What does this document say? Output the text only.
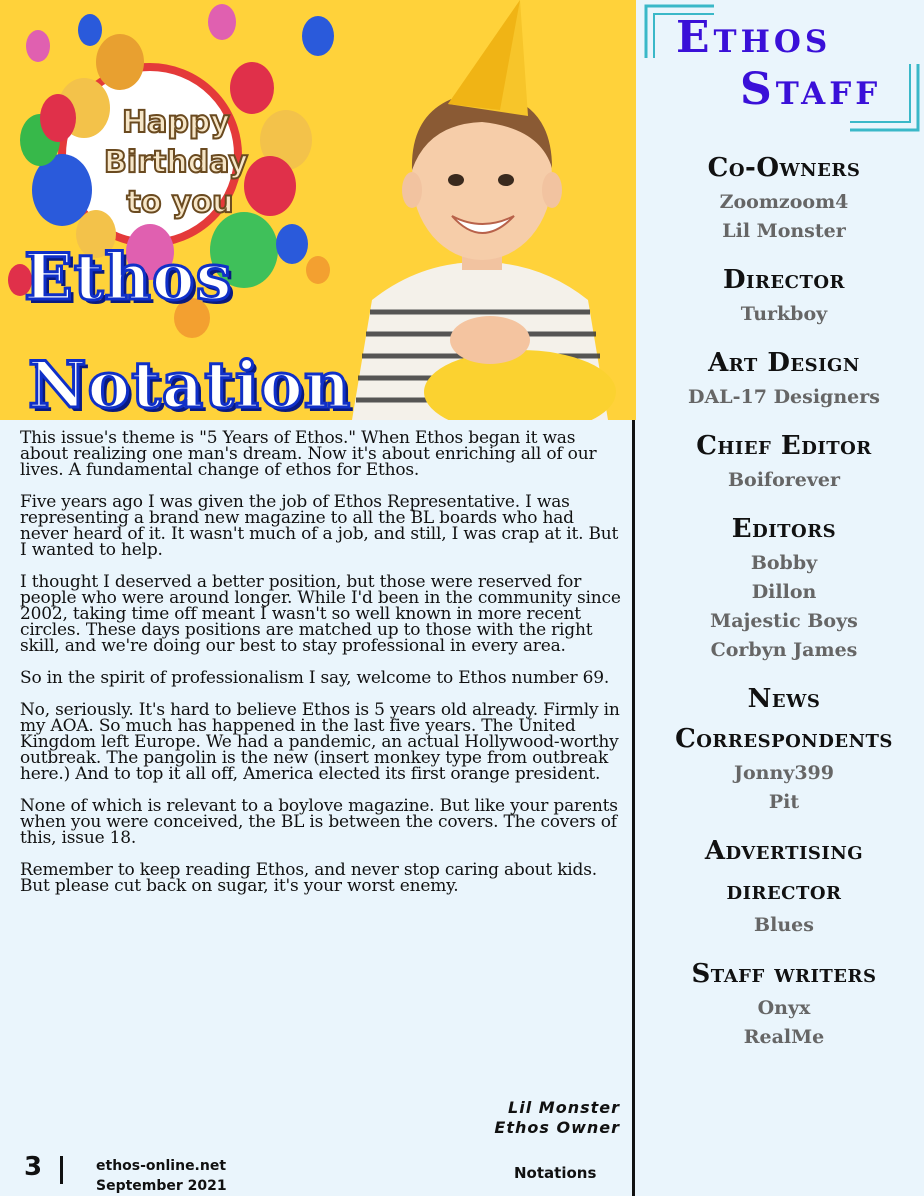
Happy
Birthday
to you
Ethos
Notation

This issue's theme is "5 Years of Ethos." When Ethos began it was about realizing one man's dream. Now it's about enriching all of our lives. A fundamental change of ethos for Ethos.

Five years ago I was given the job of Ethos Representative. I was representing a brand new magazine to all the BL boards who had never heard of it. It wasn't much of a job, and still, I was crap at it. But I wanted to help.

I thought I deserved a better position, but those were reserved for people who were around longer. While I'd been in the community since 2002, taking time off meant I wasn't so well known in more recent circles. These days positions are matched up to those with the right skill, and we're doing our best to stay professional in every area.

So in the spirit of professionalism I say, welcome to Ethos number 69.

No, seriously. It's hard to believe Ethos is 5 years old already. Firmly in my AOA. So much has happened in the last five years. The United Kingdom left Europe. We had a pandemic, an actual Hollywood-worthy outbreak. The pangolin is the new (insert monkey type from outbreak here.) And to top it all off, America elected its first orange president.

None of which is relevant to a boylove magazine. But like your parents when you were conceived, the BL is between the covers. The covers of this, issue 18.

Remember to keep reading Ethos, and never stop caring about kids. But please cut back on sugar, it's your worst enemy.

Lil Monster
Ethos Owner
3	ethos-online.net
September 2021
Notations
Ethos
Staff
Co-Owners
Zoomzoom4
Lil Monster
Director
Turkboy
Art Design
DAL-17 Designers
Chief Editor
Boiforever
Editors
Bobby
Dillon
Majestic Boys
Corbyn James
News
Correspondents
Jonny399
Pit
Advertising
director
Blues
Staff writers
Onyx
RealMe
